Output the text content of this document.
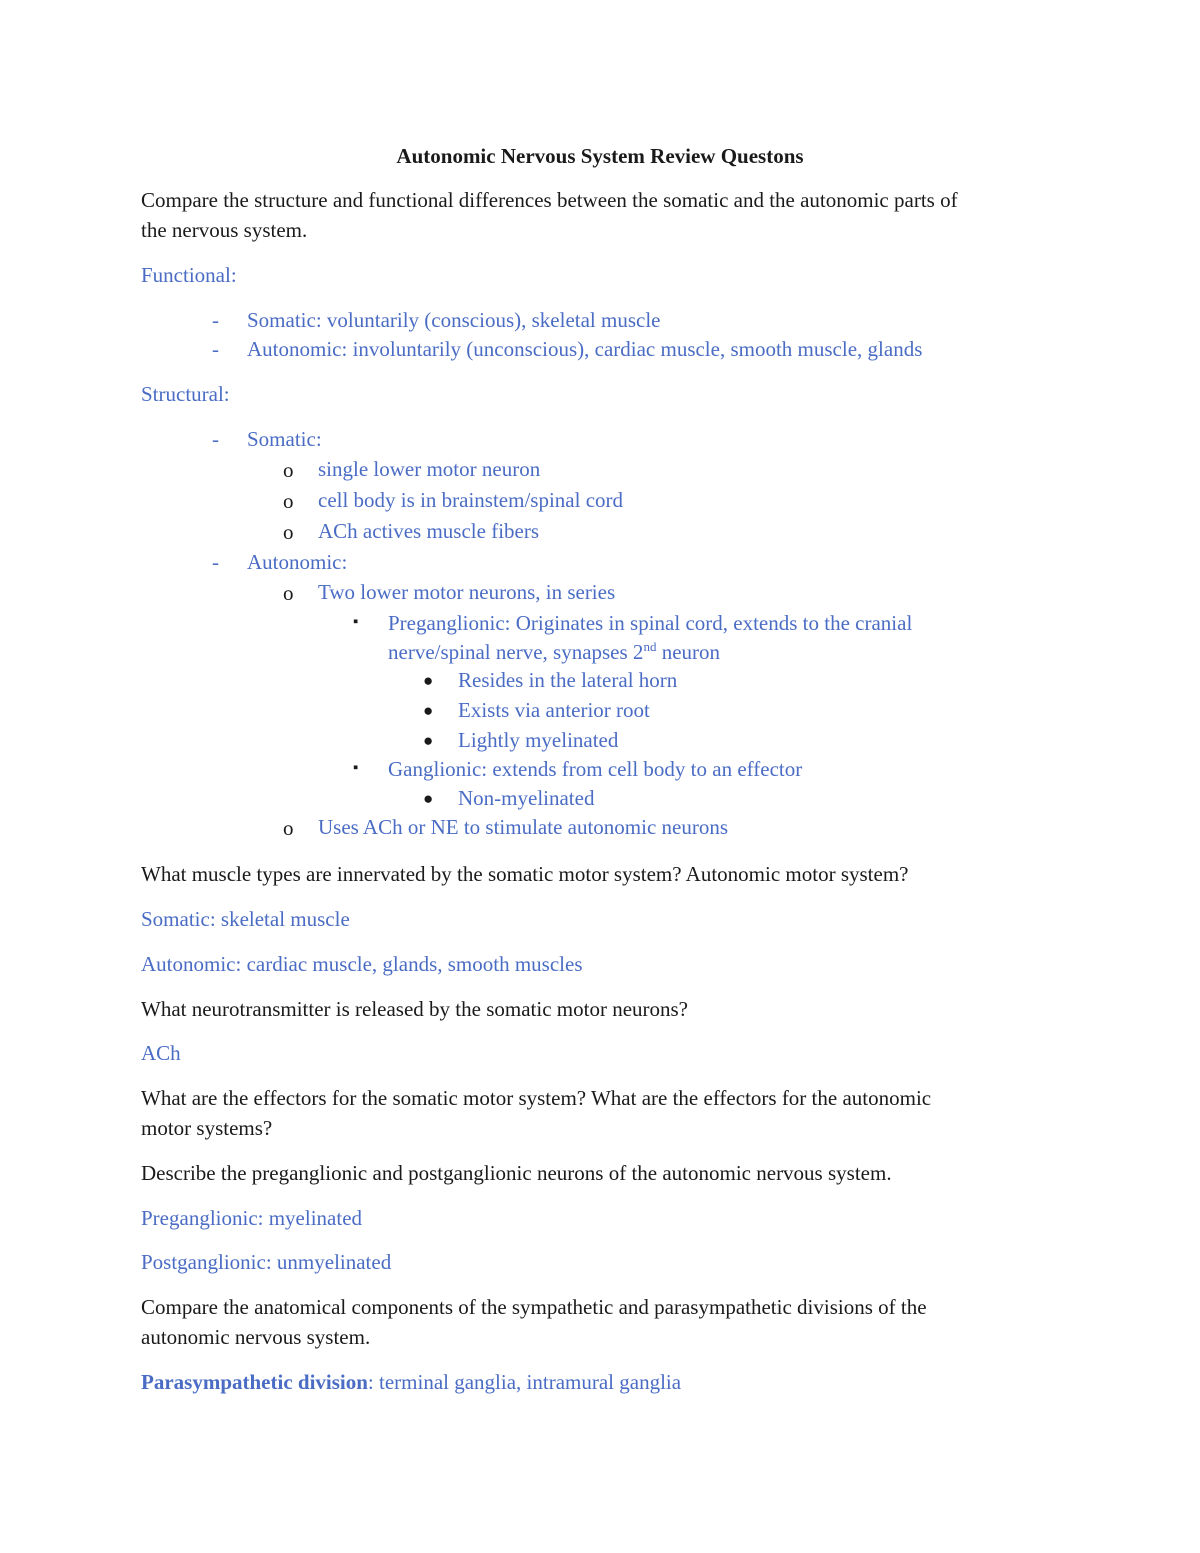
Autonomic Nervous System Review Questons
Compare the structure and functional differences between the somatic and the autonomic parts of
the nervous system.
Functional:
- Somatic: voluntarily (conscious), skeletal muscle
- Autonomic: involuntarily (unconscious), cardiac muscle, smooth muscle, glands
Structural:
- Somatic:
o single lower motor neuron
o cell body is in brainstem/spinal cord
o ACh actives muscle fibers
- Autonomic:
o Two lower motor neurons, in series
▪ Preganglionic: Originates in spinal cord, extends to the cranial
nerve/spinal nerve, synapses 2nd neuron
● Resides in the lateral horn
● Exists via anterior root
● Lightly myelinated
▪ Ganglionic: extends from cell body to an effector
● Non-myelinated
o Uses ACh or NE to stimulate autonomic neurons
What muscle types are innervated by the somatic motor system? Autonomic motor system?
Somatic: skeletal muscle
Autonomic: cardiac muscle, glands, smooth muscles
What neurotransmitter is released by the somatic motor neurons?
ACh
What are the effectors for the somatic motor system? What are the effectors for the autonomic
motor systems?
Describe the preganglionic and postganglionic neurons of the autonomic nervous system.
Preganglionic: myelinated
Postganglionic: unmyelinated
Compare the anatomical components of the sympathetic and parasympathetic divisions of the
autonomic nervous system.
Parasympathetic division: terminal ganglia, intramural ganglia
